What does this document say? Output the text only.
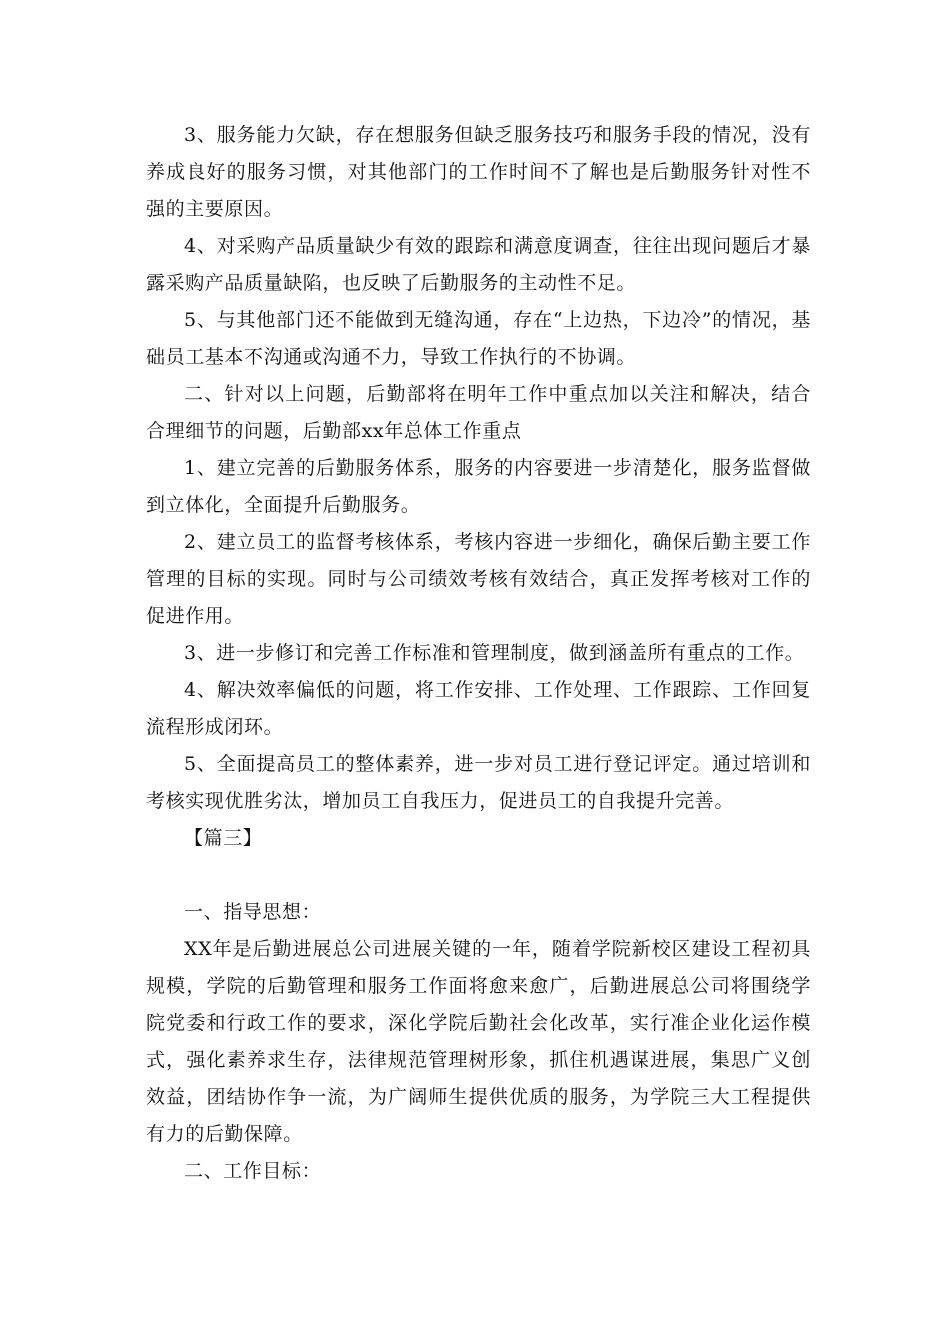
3、服务能力欠缺，存在想服务但缺乏服务技巧和服务手段的情况，没有养成良好的服务习惯，对其他部门的工作时间不了解也是后勤服务针对性不强的主要原因。

4、对采购产品质量缺少有效的跟踪和满意度调查，往往出现问题后才暴露采购产品质量缺陷，也反映了后勤服务的主动性不足。

5、与其他部门还不能做到无缝沟通，存在“上边热，下边冷”的情况，基础员工基本不沟通或沟通不力，导致工作执行的不协调。

二、针对以上问题，后勤部将在明年工作中重点加以关注和解决，结合合理细节的问题，后勤部xx年总体工作重点

1、建立完善的后勤服务体系，服务的内容要进一步清楚化，服务监督做到立体化，全面提升后勤服务。

2、建立员工的监督考核体系，考核内容进一步细化，确保后勤主要工作管理的目标的实现。同时与公司绩效考核有效结合，真正发挥考核对工作的促进作用。

3、进一步修订和完善工作标准和管理制度，做到涵盖所有重点的工作。

4、解决效率偏低的问题，将工作安排、工作处理、工作跟踪、工作回复流程形成闭环。

5、全面提高员工的整体素养，进一步对员工进行登记评定。通过培训和考核实现优胜劣汰，增加员工自我压力，促进员工的自我提升完善。

【篇三】

一、指导思想：

XX年是后勤进展总公司进展关键的一年，随着学院新校区建设工程初具规模，学院的后勤管理和服务工作面将愈来愈广，后勤进展总公司将围绕学院党委和行政工作的要求，深化学院后勤社会化改革，实行准企业化运作模式，强化素养求生存，法律规范管理树形象，抓住机遇谋进展，集思广义创效益，团结协作争一流，为广阔师生提供优质的服务，为学院三大工程提供有力的后勤保障。

二、工作目标：
